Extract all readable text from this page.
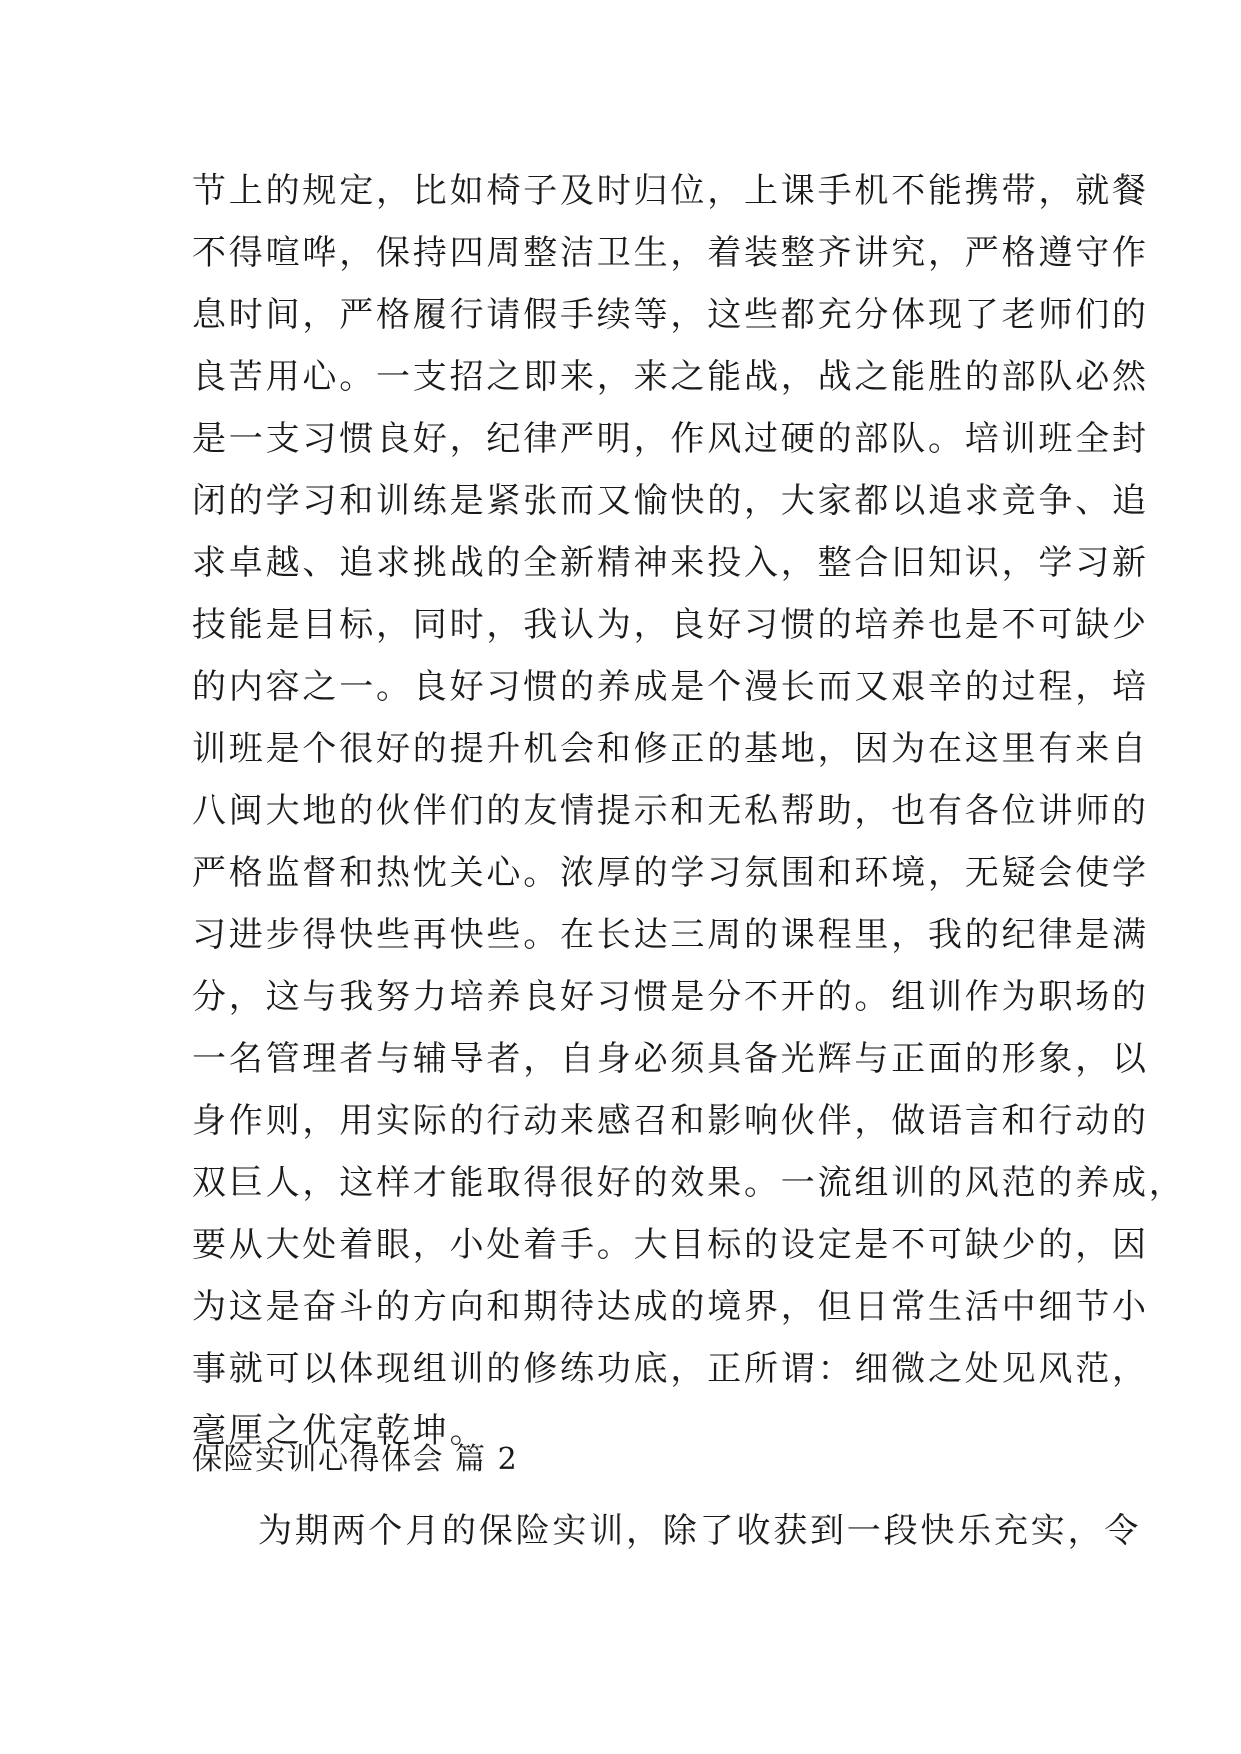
节上的规定，比如椅子及时归位，上课手机不能携带，就餐
不得喧哗，保持四周整洁卫生，着装整齐讲究，严格遵守作
息时间，严格履行请假手续等，这些都充分体现了老师们的
良苦用心。一支招之即来，来之能战，战之能胜的部队必然
是一支习惯良好，纪律严明，作风过硬的部队。培训班全封
闭的学习和训练是紧张而又愉快的，大家都以追求竞争、追
求卓越、追求挑战的全新精神来投入，整合旧知识，学习新
技能是目标，同时，我认为，良好习惯的培养也是不可缺少
的内容之一。良好习惯的养成是个漫长而又艰辛的过程，培
训班是个很好的提升机会和修正的基地，因为在这里有来自
八闽大地的伙伴们的友情提示和无私帮助，也有各位讲师的
严格监督和热忱关心。浓厚的学习氛围和环境，无疑会使学
习进步得快些再快些。在长达三周的课程里，我的纪律是满
分，这与我努力培养良好习惯是分不开的。组训作为职场的
一名管理者与辅导者，自身必须具备光辉与正面的形象，以
身作则，用实际的行动来感召和影响伙伴，做语言和行动的
双巨人，这样才能取得很好的效果。一流组训的风范的养成，
要从大处着眼，小处着手。大目标的设定是不可缺少的，因
为这是奋斗的方向和期待达成的境界，但日常生活中细节小
事就可以体现组训的修练功底，正所谓：细微之处见风范，
毫厘之优定乾坤。
保险实训心得体会 篇 2
为期两个月的保险实训，除了收获到一段快乐充实，令
